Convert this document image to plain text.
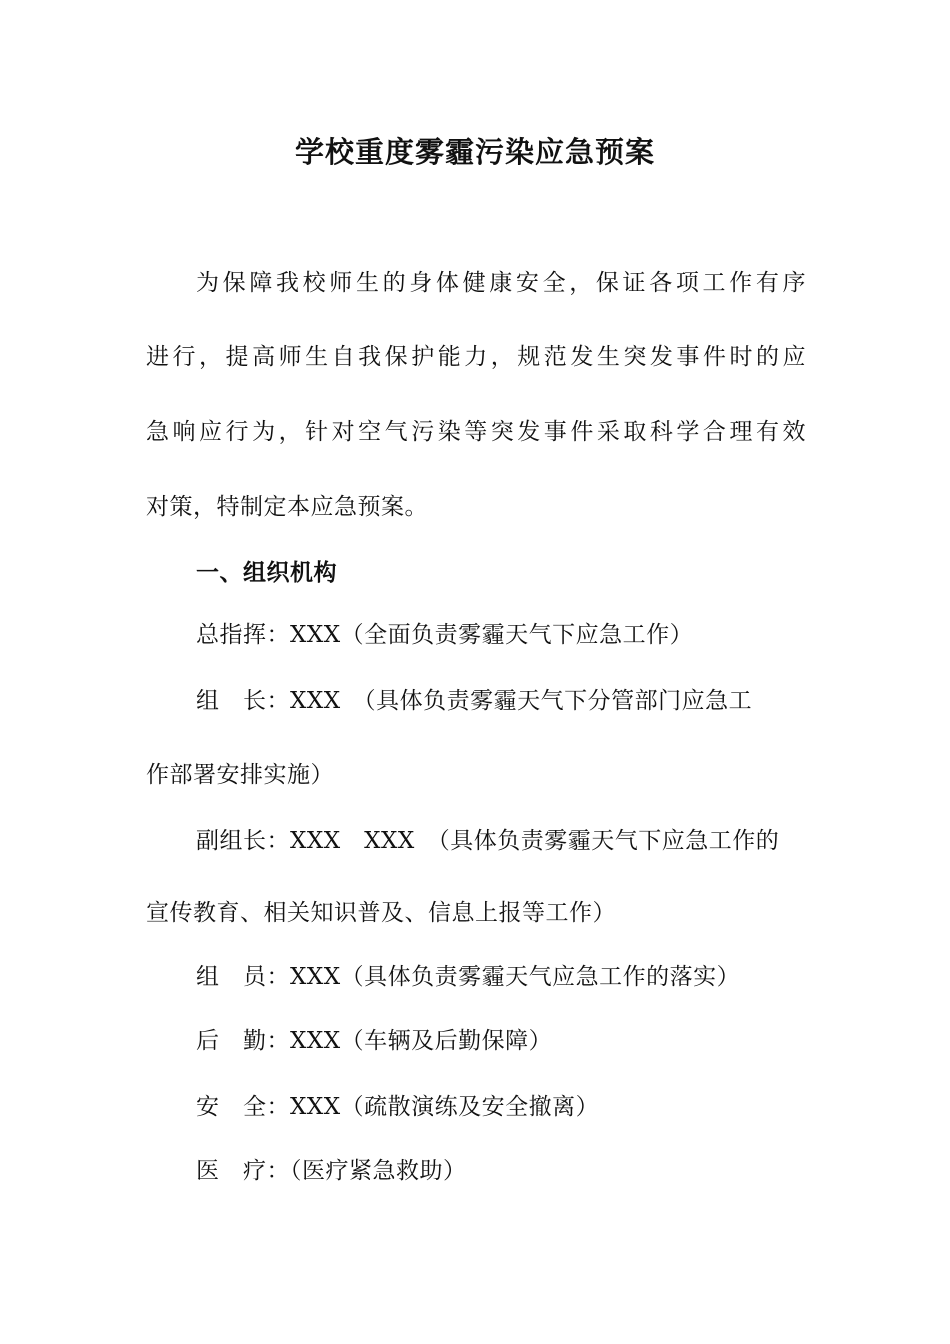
学校重度雾霾污染应急预案
为保障我校师生的身体健康安全，保证各项工作有序
进行，提高师生自我保护能力，规范发生突发事件时的应
急响应行为，针对空气污染等突发事件采取科学合理有效
对策，特制定本应急预案。
一、组织机构
总指挥：XXX（全面负责雾霾天气下应急工作）
组　长：XXX　（具体负责雾霾天气下分管部门应急工
作部署安排实施）
副组长：XXX　XXX　（具体负责雾霾天气下应急工作的
宣传教育、相关知识普及、信息上报等工作）
组　员：XXX（具体负责雾霾天气应急工作的落实）
后　勤：XXX（车辆及后勤保障）
安　全：XXX（疏散演练及安全撤离）
医　疗：（医疗紧急救助）
